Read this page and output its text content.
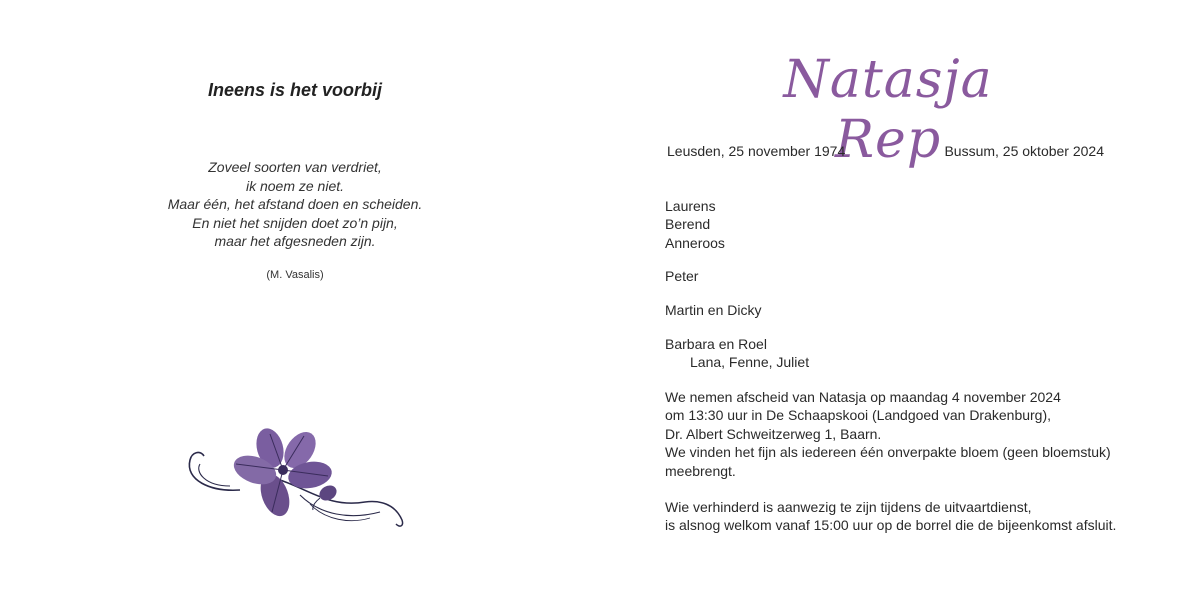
Ineens is het voorbij
Zoveel soorten van verdriet,
ik noem ze niet.
Maar één, het afstand doen en scheiden.
En niet het snijden doet zo’n pijn,
maar het afgesneden zijn.
(M. Vasalis)
Natasja Rep
Leusden, 25 november 1974	Bussum, 25 oktober 2024
Laurens
Berend
Anneroos
Peter
Martin en Dicky
Barbara en Roel
Lana, Fenne, Juliet
We nemen afscheid van Natasja op maandag 4 november 2024
om 13:30 uur in De Schaapskooi (Landgoed van Drakenburg),
Dr. Albert Schweitzerweg 1, Baarn.
We vinden het fijn als iedereen één onverpakte bloem (geen bloemstuk)
meebrengt.
Wie verhinderd is aanwezig te zijn tijdens de uitvaartdienst,
is alsnog welkom vanaf 15:00 uur op de borrel die de bijeenkomst afsluit.
